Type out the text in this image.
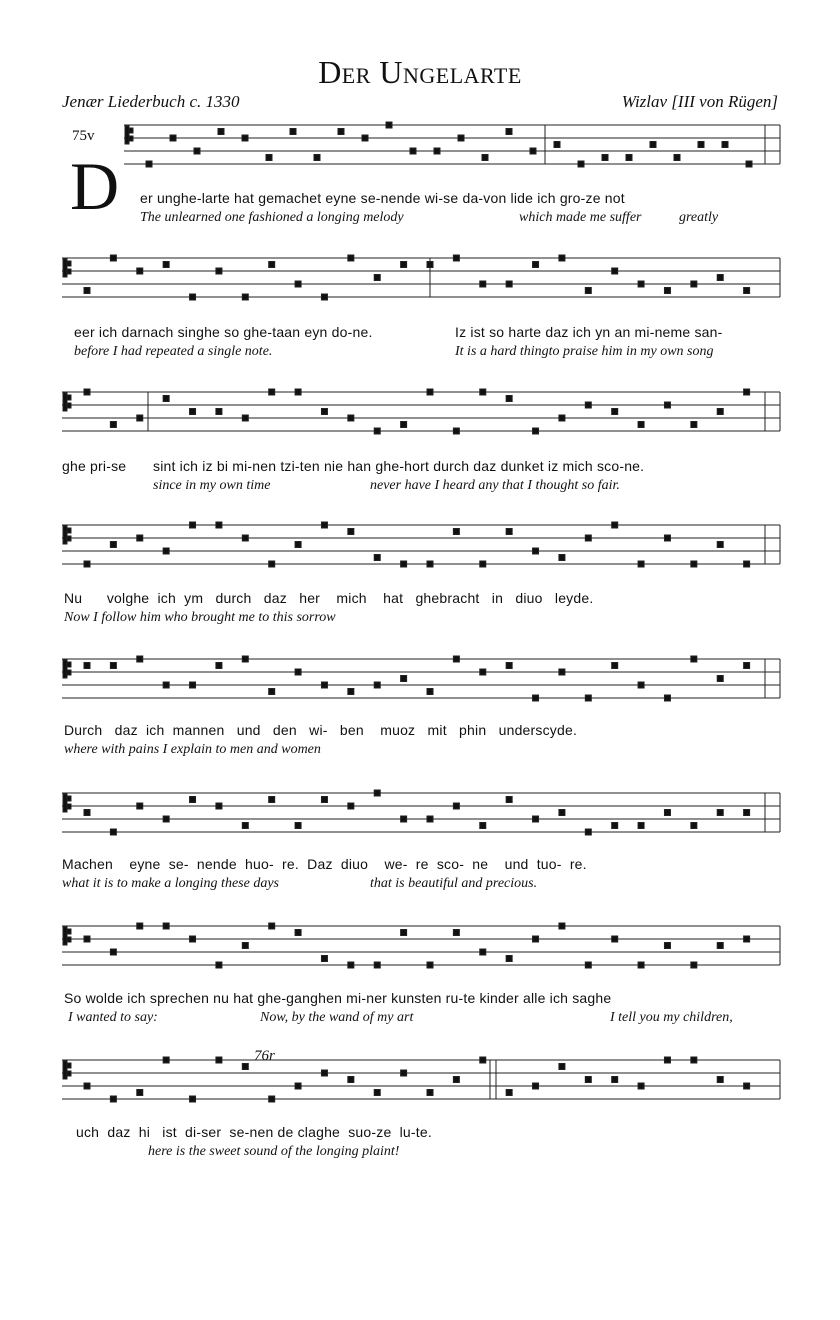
Der Ungelarte
Jenær Liederbuch c. 1330	Wizlav [III von Rügen]
75v
76r
D er unghe-larte hat gemachet eyne se-nende wi-se da-von lide ich gro-ze not
The unlearned one fashioned a longing melody	which made me suffer	greatly
eer ich darnach singhe so ghe-taan eyn do-ne.	Iz ist so harte daz ich yn an mi-neme san-
before I had repeated a single note.	It is a hard thingto praise him in my own song
ghe pri-se sint ich iz bi mi-nen tzi-ten nie han ghe-hort durch daz dunket iz mich sco-ne.
since in my own time	never have I heard any that I thought so fair.
Nu      volghe  ich  ym   durch   daz   her    mich    hat   ghebracht   in   diuo   leyde.
Now I follow him who brought me to this sorrow
Durch   daz  ich  mannen   und   den   wi-   ben    muoz   mit   phin   underscyde.
where with pains I explain to men and women
Machen    eyne  se-  nende  huo-  re.  Daz  diuo    we-  re  sco-  ne    und  tuo-  re.
what it is to make a longing these days	that is beautiful and precious.
So wolde ich sprechen nu hat ghe-ganghen mi-ner kunsten ru-te kinder alle ich saghe
I wanted to say:	Now, by the wand of my art	I tell you my children,
uch  daz  hi   ist  di-ser  se-nen de claghe  suo-ze  lu-te.
here is the sweet sound of the longing plaint!
